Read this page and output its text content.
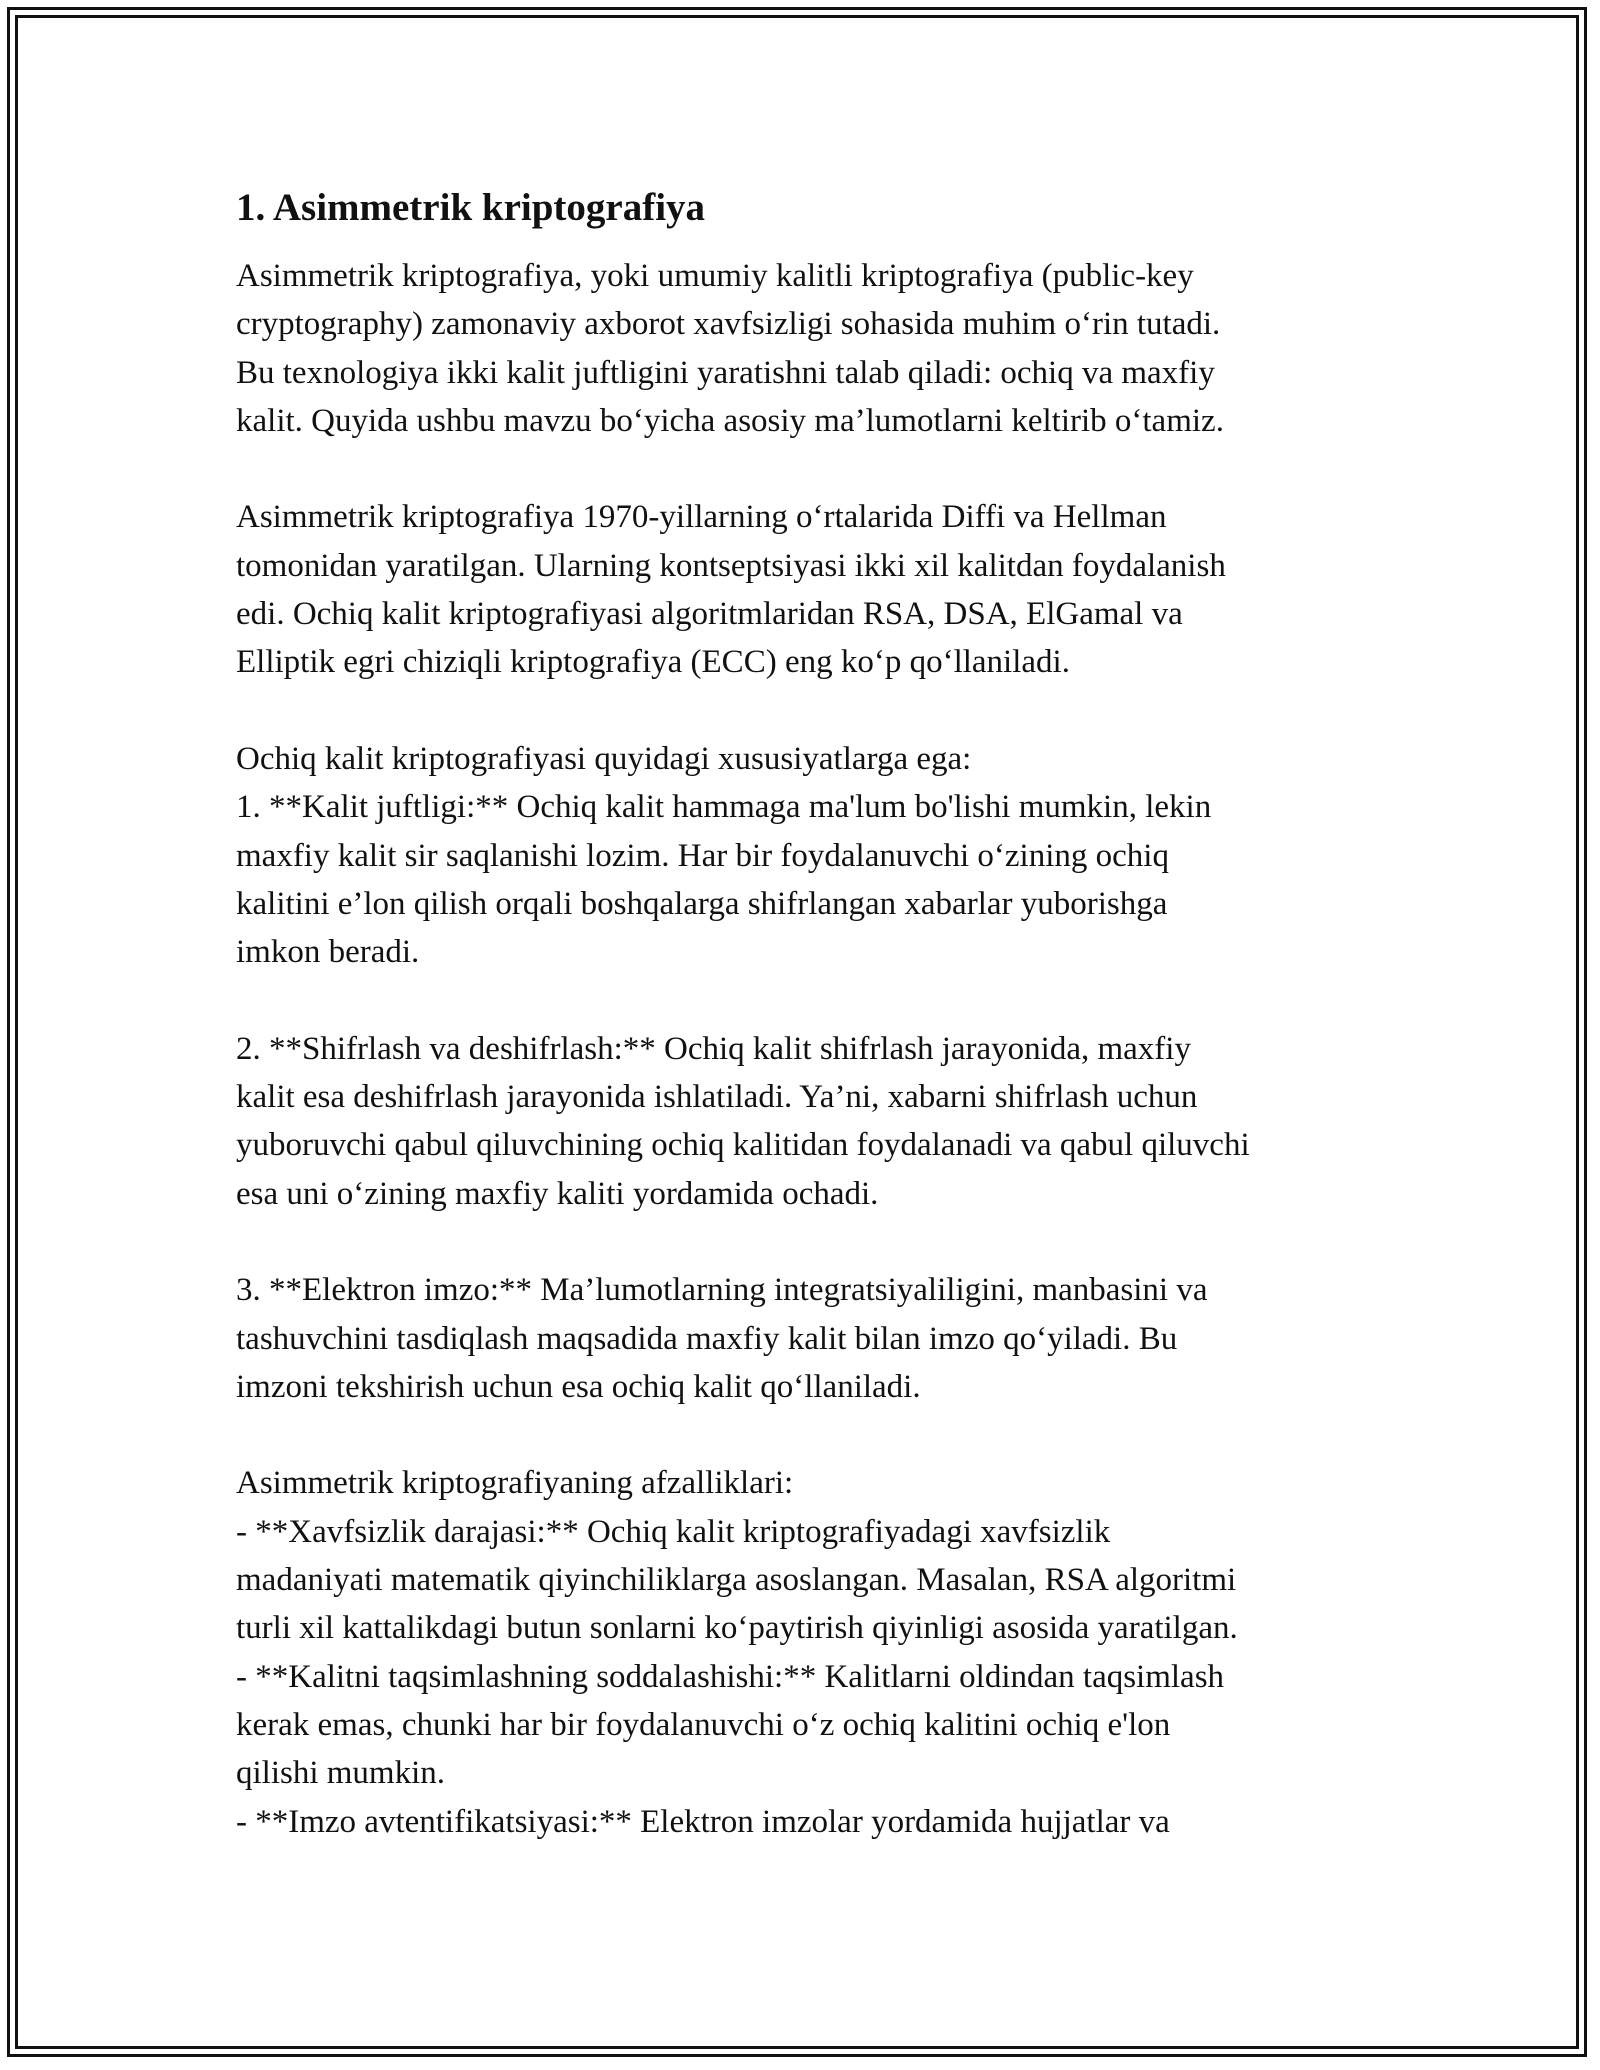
1. Asimmetrik kriptografiya

Asimmetrik kriptografiya, yoki umumiy kalitli kriptografiya (public-key
cryptography) zamonaviy axborot xavfsizligi sohasida muhim o‘rin tutadi.
Bu texnologiya ikki kalit juftligini yaratishni talab qiladi: ochiq va maxfiy
kalit. Quyida ushbu mavzu bo‘yicha asosiy ma’lumotlarni keltirib o‘tamiz.

Asimmetrik kriptografiya 1970-yillarning o‘rtalarida Diffi va Hellman
tomonidan yaratilgan. Ularning kontseptsiyasi ikki xil kalitdan foydalanish
edi. Ochiq kalit kriptografiyasi algoritmlaridan RSA, DSA, ElGamal va
Elliptik egri chiziqli kriptografiya (ECC) eng ko‘p qo‘llaniladi.

Ochiq kalit kriptografiyasi quyidagi xususiyatlarga ega:
1. **Kalit juftligi:** Ochiq kalit hammaga ma'lum bo'lishi mumkin, lekin
maxfiy kalit sir saqlanishi lozim. Har bir foydalanuvchi o‘zining ochiq
kalitini e’lon qilish orqali boshqalarga shifrlangan xabarlar yuborishga
imkon beradi.

2. **Shifrlash va deshifrlash:** Ochiq kalit shifrlash jarayonida, maxfiy
kalit esa deshifrlash jarayonida ishlatiladi. Ya’ni, xabarni shifrlash uchun
yuboruvchi qabul qiluvchining ochiq kalitidan foydalanadi va qabul qiluvchi
esa uni o‘zining maxfiy kaliti yordamida ochadi.

3. **Elektron imzo:** Ma’lumotlarning integratsiyaliligini, manbasini va
tashuvchini tasdiqlash maqsadida maxfiy kalit bilan imzo qo‘yiladi. Bu
imzoni tekshirish uchun esa ochiq kalit qo‘llaniladi.

Asimmetrik kriptografiyaning afzalliklari:
- **Xavfsizlik darajasi:** Ochiq kalit kriptografiyadagi xavfsizlik
madaniyati matematik qiyinchiliklarga asoslangan. Masalan, RSA algoritmi
turli xil kattalikdagi butun sonlarni ko‘paytirish qiyinligi asosida yaratilgan.
- **Kalitni taqsimlashning soddalashishi:** Kalitlarni oldindan taqsimlash
kerak emas, chunki har bir foydalanuvchi o‘z ochiq kalitini ochiq e'lon
qilishi mumkin.
- **Imzo avtentifikatsiyasi:** Elektron imzolar yordamida hujjatlar va
